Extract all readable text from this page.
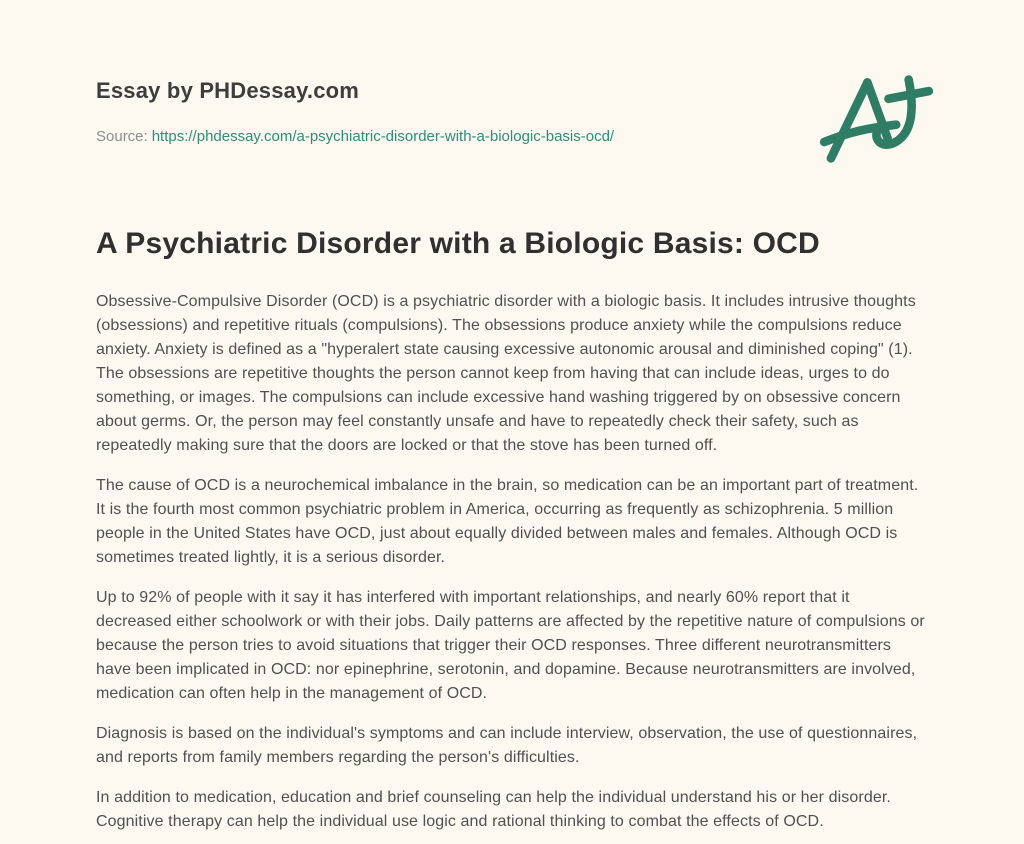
Essay by PHDessay.com
Source: https://phdessay.com/a-psychiatric-disorder-with-a-biologic-basis-ocd/
A Psychiatric Disorder with a Biologic Basis: OCD

Obsessive-Compulsive Disorder (OCD) is a psychiatric disorder with a biologic basis. It includes intrusive thoughts (obsessions) and repetitive rituals (compulsions). The obsessions produce anxiety while the compulsions reduce anxiety. Anxiety is defined as a "hyperalert state causing excessive autonomic arousal and diminished coping" (1). The obsessions are repetitive thoughts the person cannot keep from having that can include ideas, urges to do something, or images. The compulsions can include excessive hand washing triggered by on obsessive concern about germs. Or, the person may feel constantly unsafe and have to repeatedly check their safety, such as repeatedly making sure that the doors are locked or that the stove has been turned off.

The cause of OCD is a neurochemical imbalance in the brain, so medication can be an important part of treatment. It is the fourth most common psychiatric problem in America, occurring as frequently as schizophrenia. 5 million people in the United States have OCD, just about equally divided between males and females. Although OCD is sometimes treated lightly, it is a serious disorder.

Up to 92% of people with it say it has interfered with important relationships, and nearly 60% report that it decreased either schoolwork or with their jobs. Daily patterns are affected by the repetitive nature of compulsions or because the person tries to avoid situations that trigger their OCD responses. Three different neurotransmitters have been implicated in OCD: nor epinephrine, serotonin, and dopamine. Because neurotransmitters are involved, medication can often help in the management of OCD.

Diagnosis is based on the individual's symptoms and can include interview, observation, the use of questionnaires, and reports from family members regarding the person's difficulties.

In addition to medication, education and brief counseling can help the individual understand his or her disorder. Cognitive therapy can help the individual use logic and rational thinking to combat the effects of OCD.
